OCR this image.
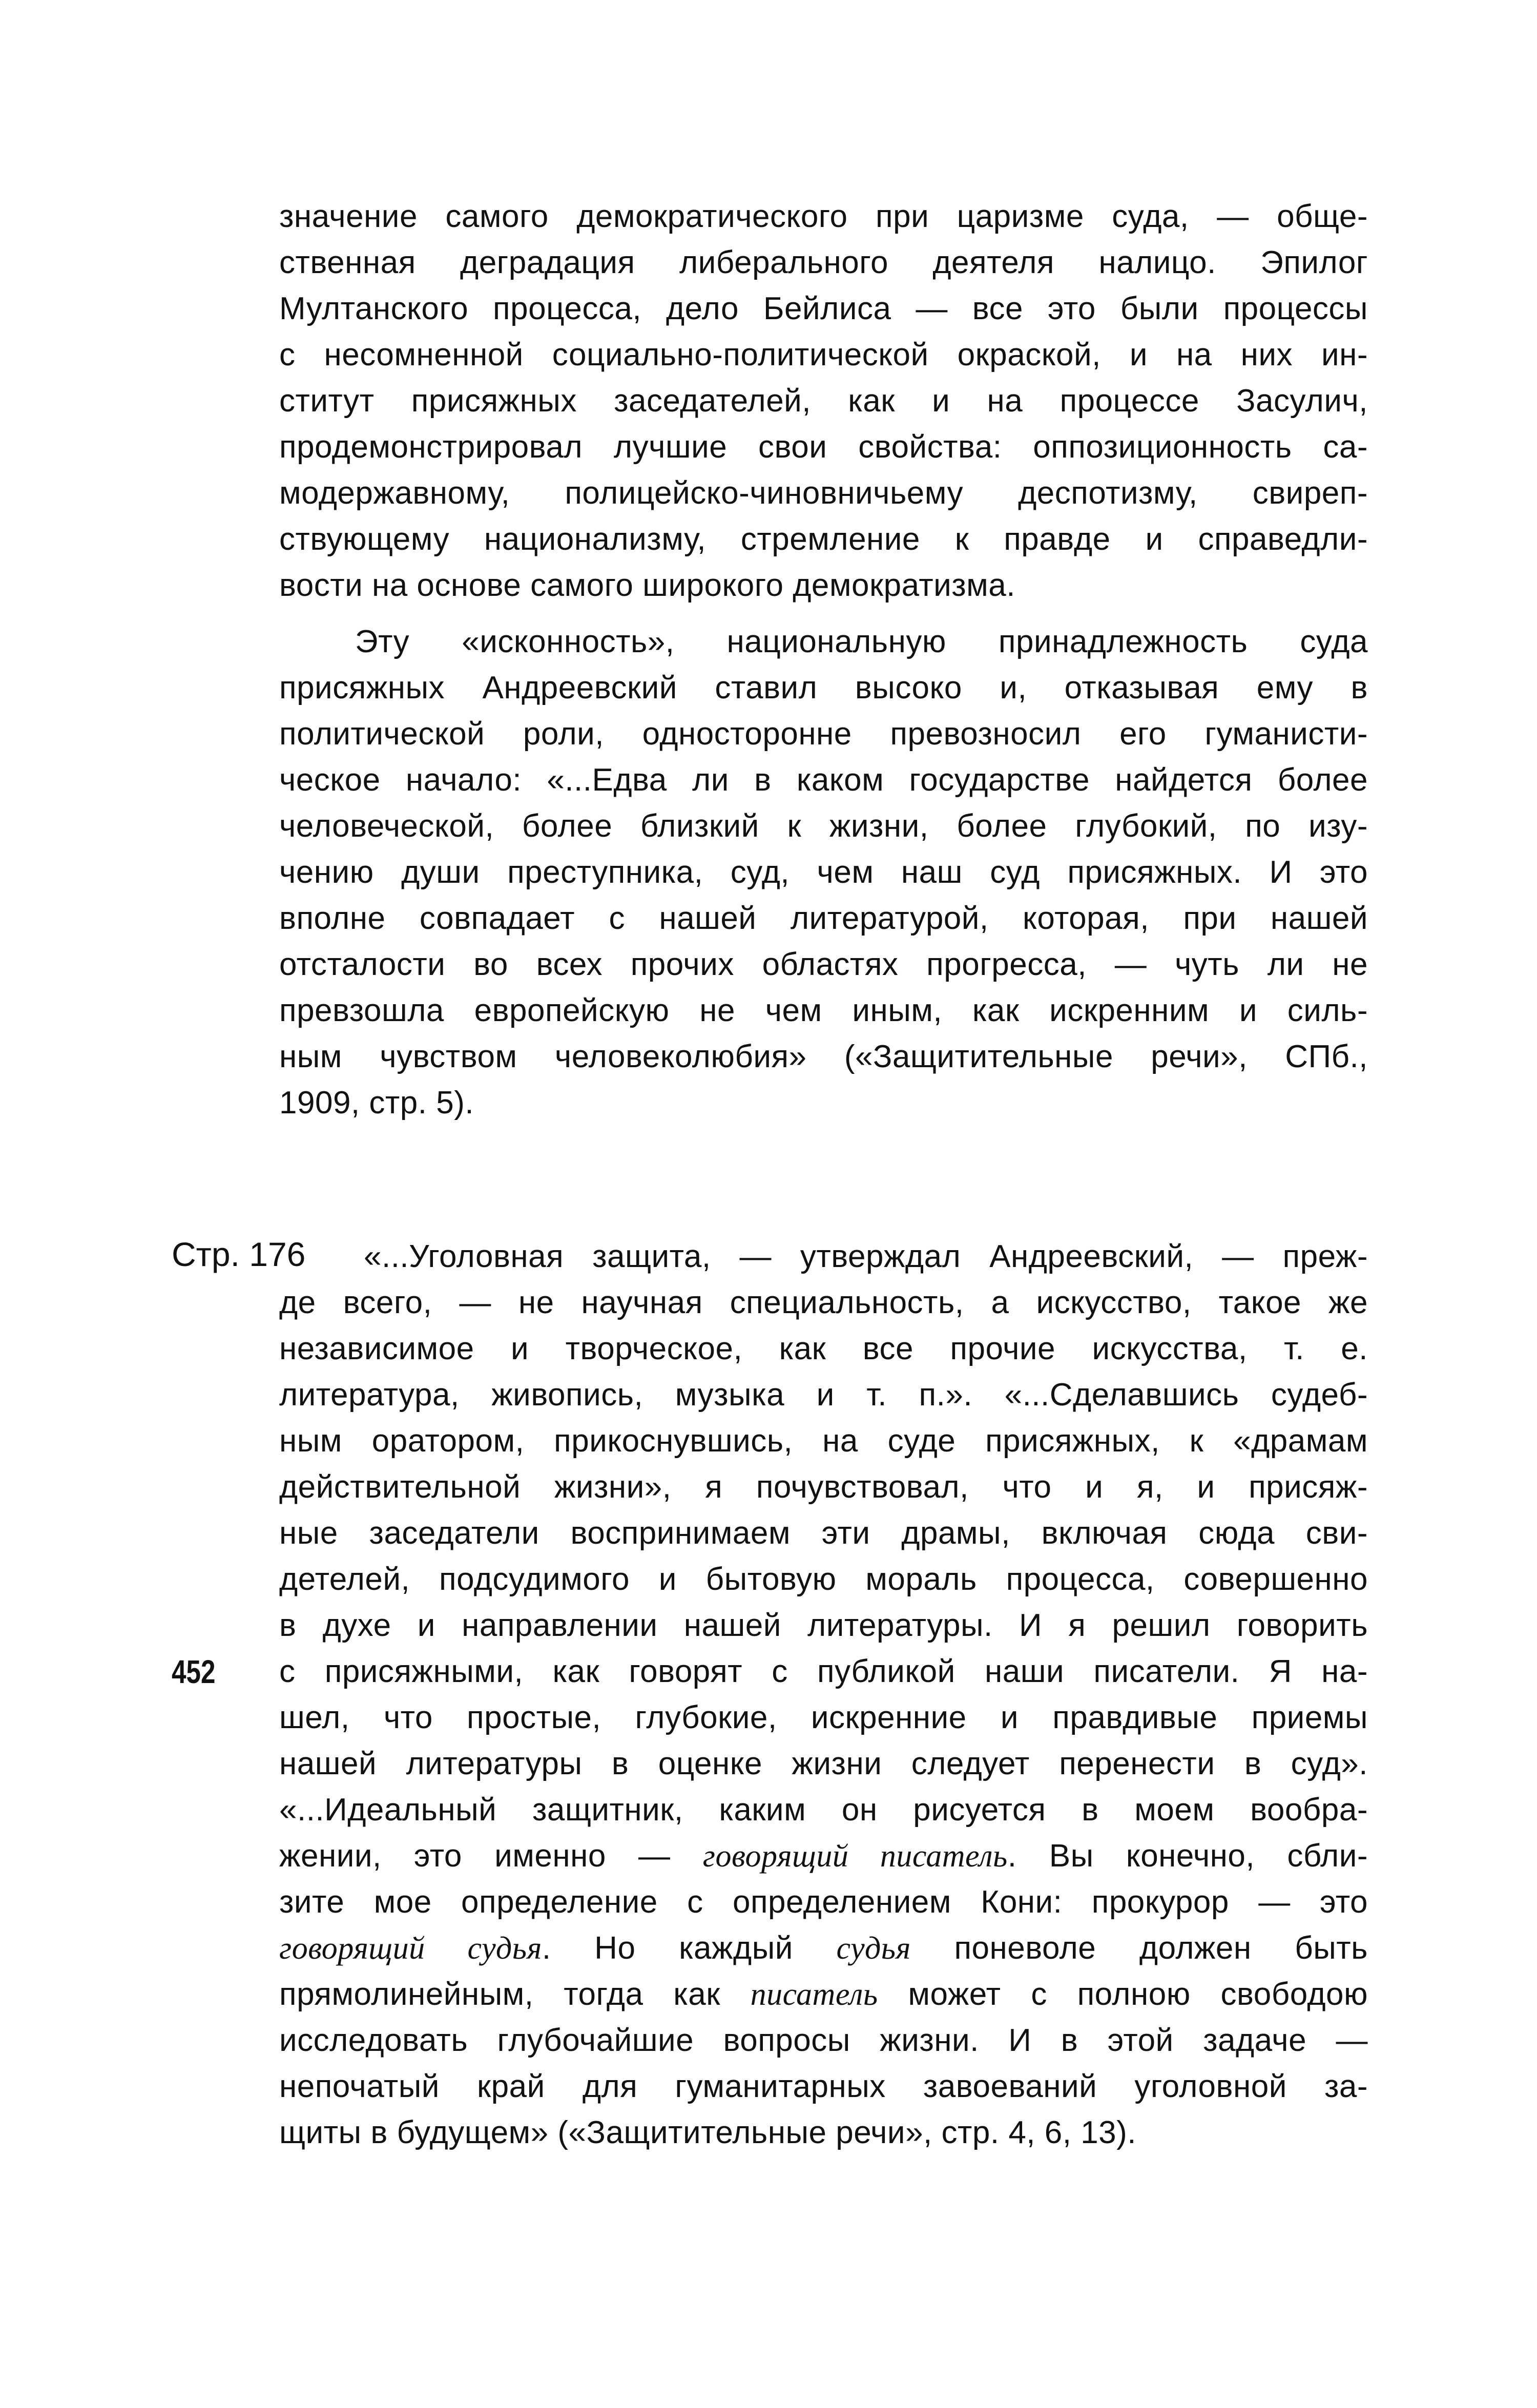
значение самого демократического при царизме суда, — обще-
ственная деградация либерального деятеля налицо. Эпилог
Мултанского процесса, дело Бейлиса — все это были процессы
с несомненной социально-политической окраской, и на них ин-
ститут присяжных заседателей, как и на процессе Засулич,
продемонстрировал лучшие свои свойства: оппозиционность са-
модержавному, полицейско-чиновничьему деспотизму, свиреп-
ствующему национализму, стремление к правде и справедли-
вости на основе самого широкого демократизма.
Эту «исконность», национальную принадлежность суда
присяжных Андреевский ставил высоко и, отказывая ему в
политической роли, односторонне превозносил его гуманисти-
ческое начало: «...Едва ли в каком государстве найдется более
человеческой, более близкий к жизни, более глубокий, по изу-
чению души преступника, суд, чем наш суд присяжных. И это
вполне совпадает с нашей литературой, которая, при нашей
отсталости во всех прочих областях прогресса, — чуть ли не
превзошла европейскую не чем иным, как искренним и силь-
ным чувством человеколюбия» («Защитительные речи», СПб.,
1909, стр. 5).
Стр. 176	«...Уголовная защита, — утверждал Андреевский, — преж-
де всего, — не научная специальность, а искусство, такое же
независимое и творческое, как все прочие искусства, т. е.
литература, живопись, музыка и т. п.». «...Сделавшись судеб-
ным оратором, прикоснувшись, на суде присяжных, к «драмам
действительной жизни», я почувствовал, что и я, и присяж-
ные заседатели воспринимаем эти драмы, включая сюда сви-
детелей, подсудимого и бытовую мораль процесса, совершенно
в духе и направлении нашей литературы. И я решил говорить
с присяжными, как говорят с публикой наши писатели. Я на-
шел, что простые, глубокие, искренние и правдивые приемы
нашей литературы в оценке жизни следует перенести в суд».
«...Идеальный защитник, каким он рисуется в моем вообра-
жении, это именно — говорящий писатель. Вы конечно, сбли-
зите мое определение с определением Кони: прокурор — это
говорящий судья. Но каждый судья поневоле должен быть
прямолинейным, тогда как писатель может с полною свободою
исследовать глубочайшие вопросы жизни. И в этой задаче —
непочатый край для гуманитарных завоеваний уголовной за-
щиты в будущем» («Защитительные речи», стр. 4, 6, 13).
452
